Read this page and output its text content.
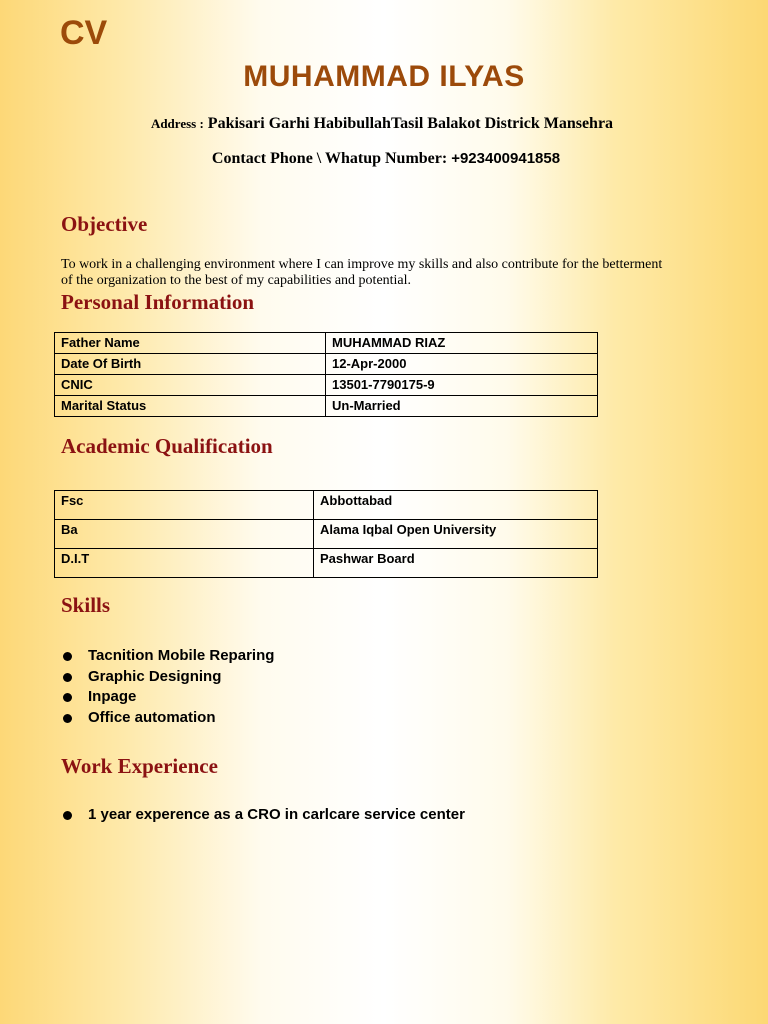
CV
MUHAMMAD ILYAS
Address : Pakisari Garhi HabibullahTasil Balakot Districk Mansehra
Contact Phone \ Whatup Number: +923400941858
Objective
To work in a challenging environment where I can improve my skills and also contribute for the betterment of the organization to the best of my capabilities and potential.
Personal Information
Father Name	MUHAMMAD RIAZ
Date Of Birth	12-Apr-2000
CNIC	13501-7790175-9
Marital Status	Un-Married
Academic Qualification
Fsc	Abbottabad
Ba	Alama Iqbal Open University
D.I.T	Pashwar Board
Skills
Tacnition Mobile Reparing
Graphic Designing
Inpage
Office automation
Work Experience
1 year experence as a CRO in carlcare service center
